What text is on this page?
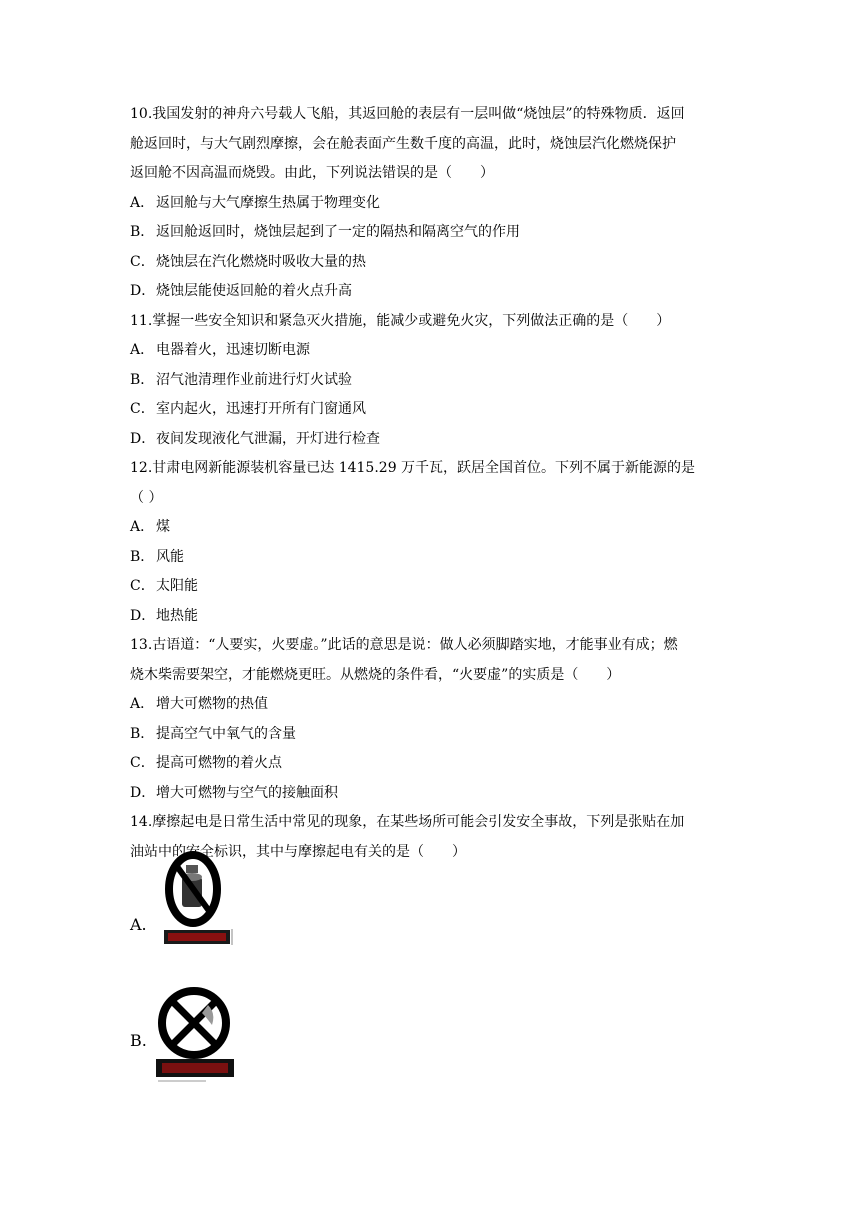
10.我国发射的神舟六号载人飞船，其返回舱的表层有一层叫做“烧蚀层”的特殊物质．返回

舱返回时，与大气剧烈摩擦，会在舱表面产生数千度的高温，此时，烧蚀层汽化燃烧保护

返回舱不因高温而烧毁。由此，下列说法错误的是（　　）

A． 返回舱与大气摩擦生热属于物理变化
B． 返回舱返回时，烧蚀层起到了一定的隔热和隔离空气的作用
C． 烧蚀层在汽化燃烧时吸收大量的热
D． 烧蚀层能使返回舱的着火点升高

11.掌握一些安全知识和紧急灭火措施，能减少或避免火灾，下列做法正确的是（　　）

A． 电器着火，迅速切断电源
B． 沼气池清理作业前进行灯火试验
C． 室内起火，迅速打开所有门窗通风
D． 夜间发现液化气泄漏，开灯进行检查

12.甘肃电网新能源装机容量已达 1415.29 万千瓦，跃居全国首位。下列不属于新能源的是

（ ）

A． 煤
B． 风能
C． 太阳能
D． 地热能

13.古语道：“人要实，火要虚。”此话的意思是说：做人必须脚踏实地，才能事业有成；燃

烧木柴需要架空，才能燃烧更旺。从燃烧的条件看，“火要虚”的实质是（　　）

A． 增大可燃物的热值
B． 提高空气中氧气的含量
C． 提高可燃物的着火点
D． 增大可燃物与空气的接触面积

14.摩擦起电是日常生活中常见的现象，在某些场所可能会引发安全事故，下列是张贴在加

油站中的安全标识，其中与摩擦起电有关的是（　　）

A.
B.
